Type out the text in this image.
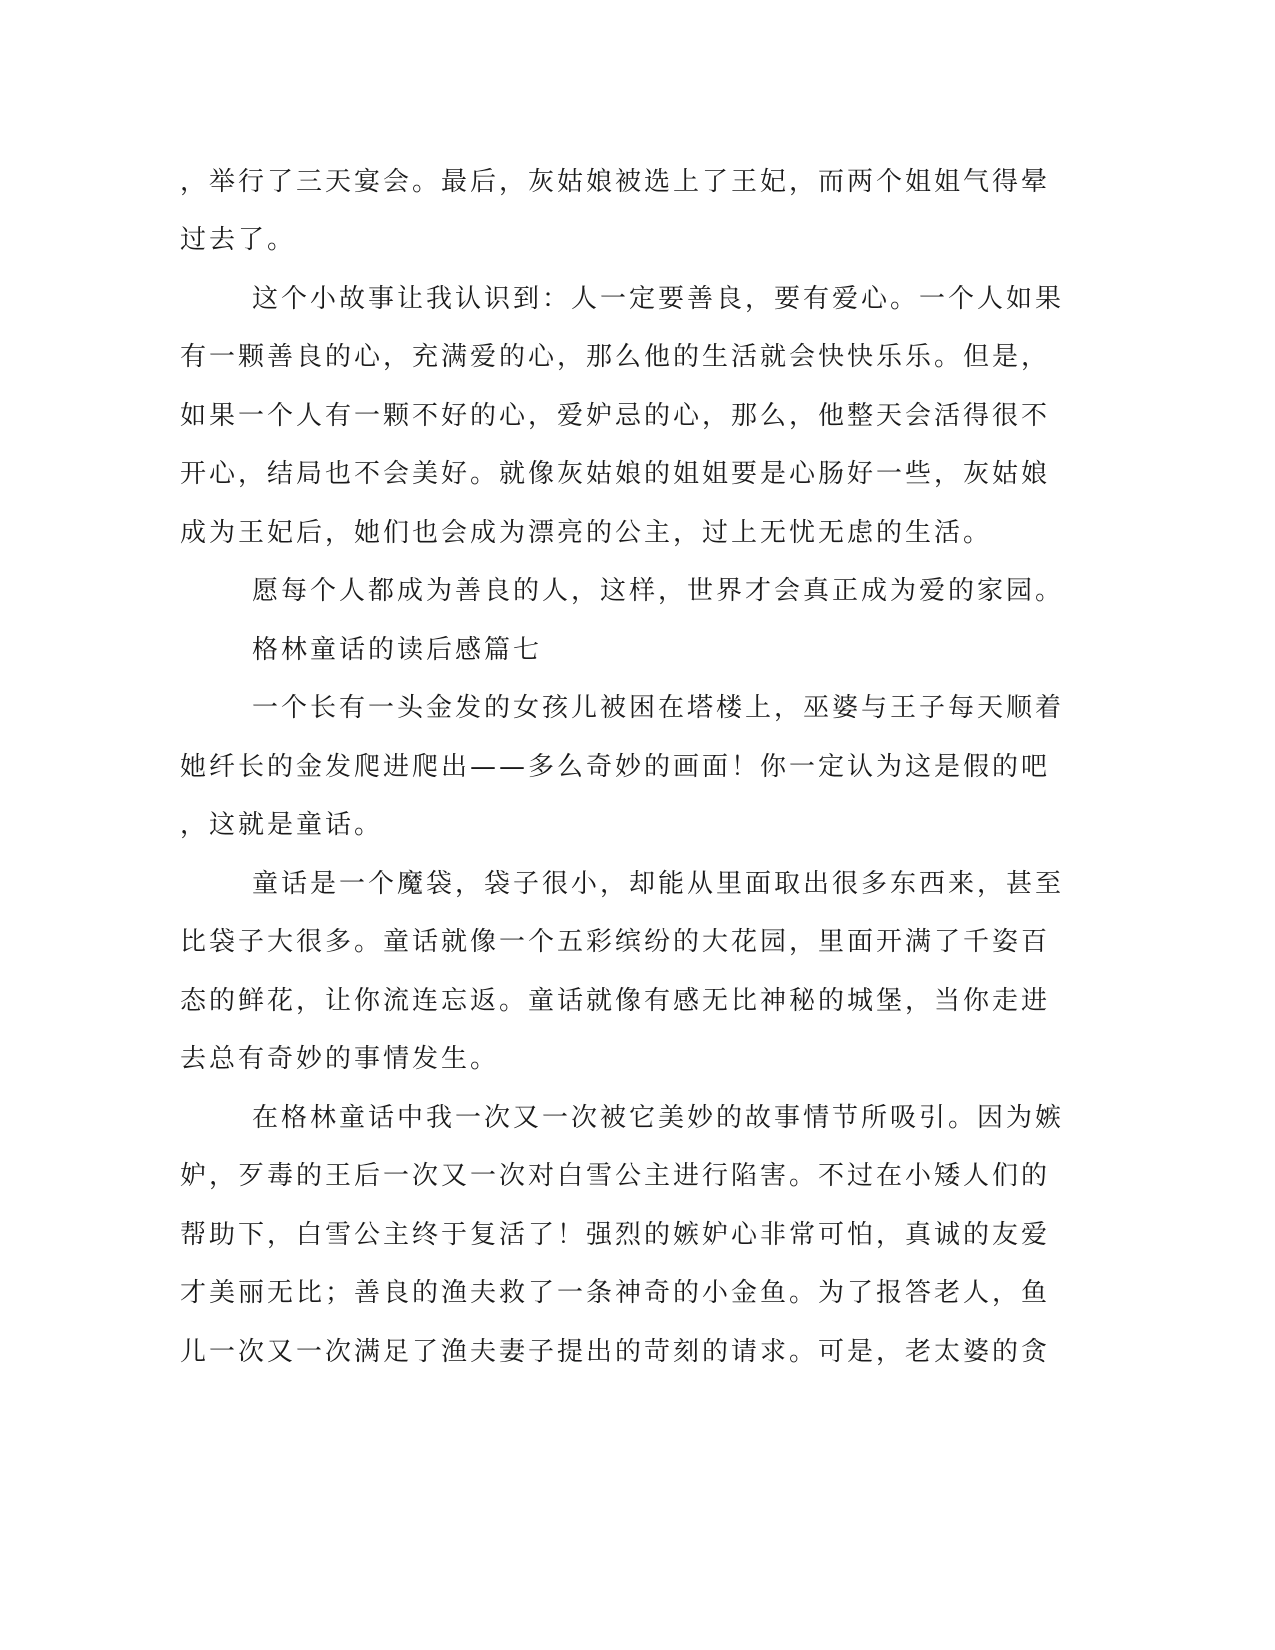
，举行了三天宴会。最后，灰姑娘被选上了王妃，而两个姐姐气得晕
过去了。
这个小故事让我认识到：人一定要善良，要有爱心。一个人如果
有一颗善良的心，充满爱的心，那么他的生活就会快快乐乐。但是，
如果一个人有一颗不好的心，爱妒忌的心，那么，他整天会活得很不
开心，结局也不会美好。就像灰姑娘的姐姐要是心肠好一些，灰姑娘
成为王妃后，她们也会成为漂亮的公主，过上无忧无虑的生活。
愿每个人都成为善良的人，这样，世界才会真正成为爱的家园。
格林童话的读后感篇七
一个长有一头金发的女孩儿被困在塔楼上，巫婆与王子每天顺着
她纤长的金发爬进爬出——多么奇妙的画面！你一定认为这是假的吧
，这就是童话。
童话是一个魔袋，袋子很小，却能从里面取出很多东西来，甚至
比袋子大很多。童话就像一个五彩缤纷的大花园，里面开满了千姿百
态的鲜花，让你流连忘返。童话就像有感无比神秘的城堡，当你走进
去总有奇妙的事情发生。
在格林童话中我一次又一次被它美妙的故事情节所吸引。因为嫉
妒，歹毒的王后一次又一次对白雪公主进行陷害。不过在小矮人们的
帮助下，白雪公主终于复活了！强烈的嫉妒心非常可怕，真诚的友爱
才美丽无比；善良的渔夫救了一条神奇的小金鱼。为了报答老人，鱼
儿一次又一次满足了渔夫妻子提出的苛刻的请求。可是，老太婆的贪
